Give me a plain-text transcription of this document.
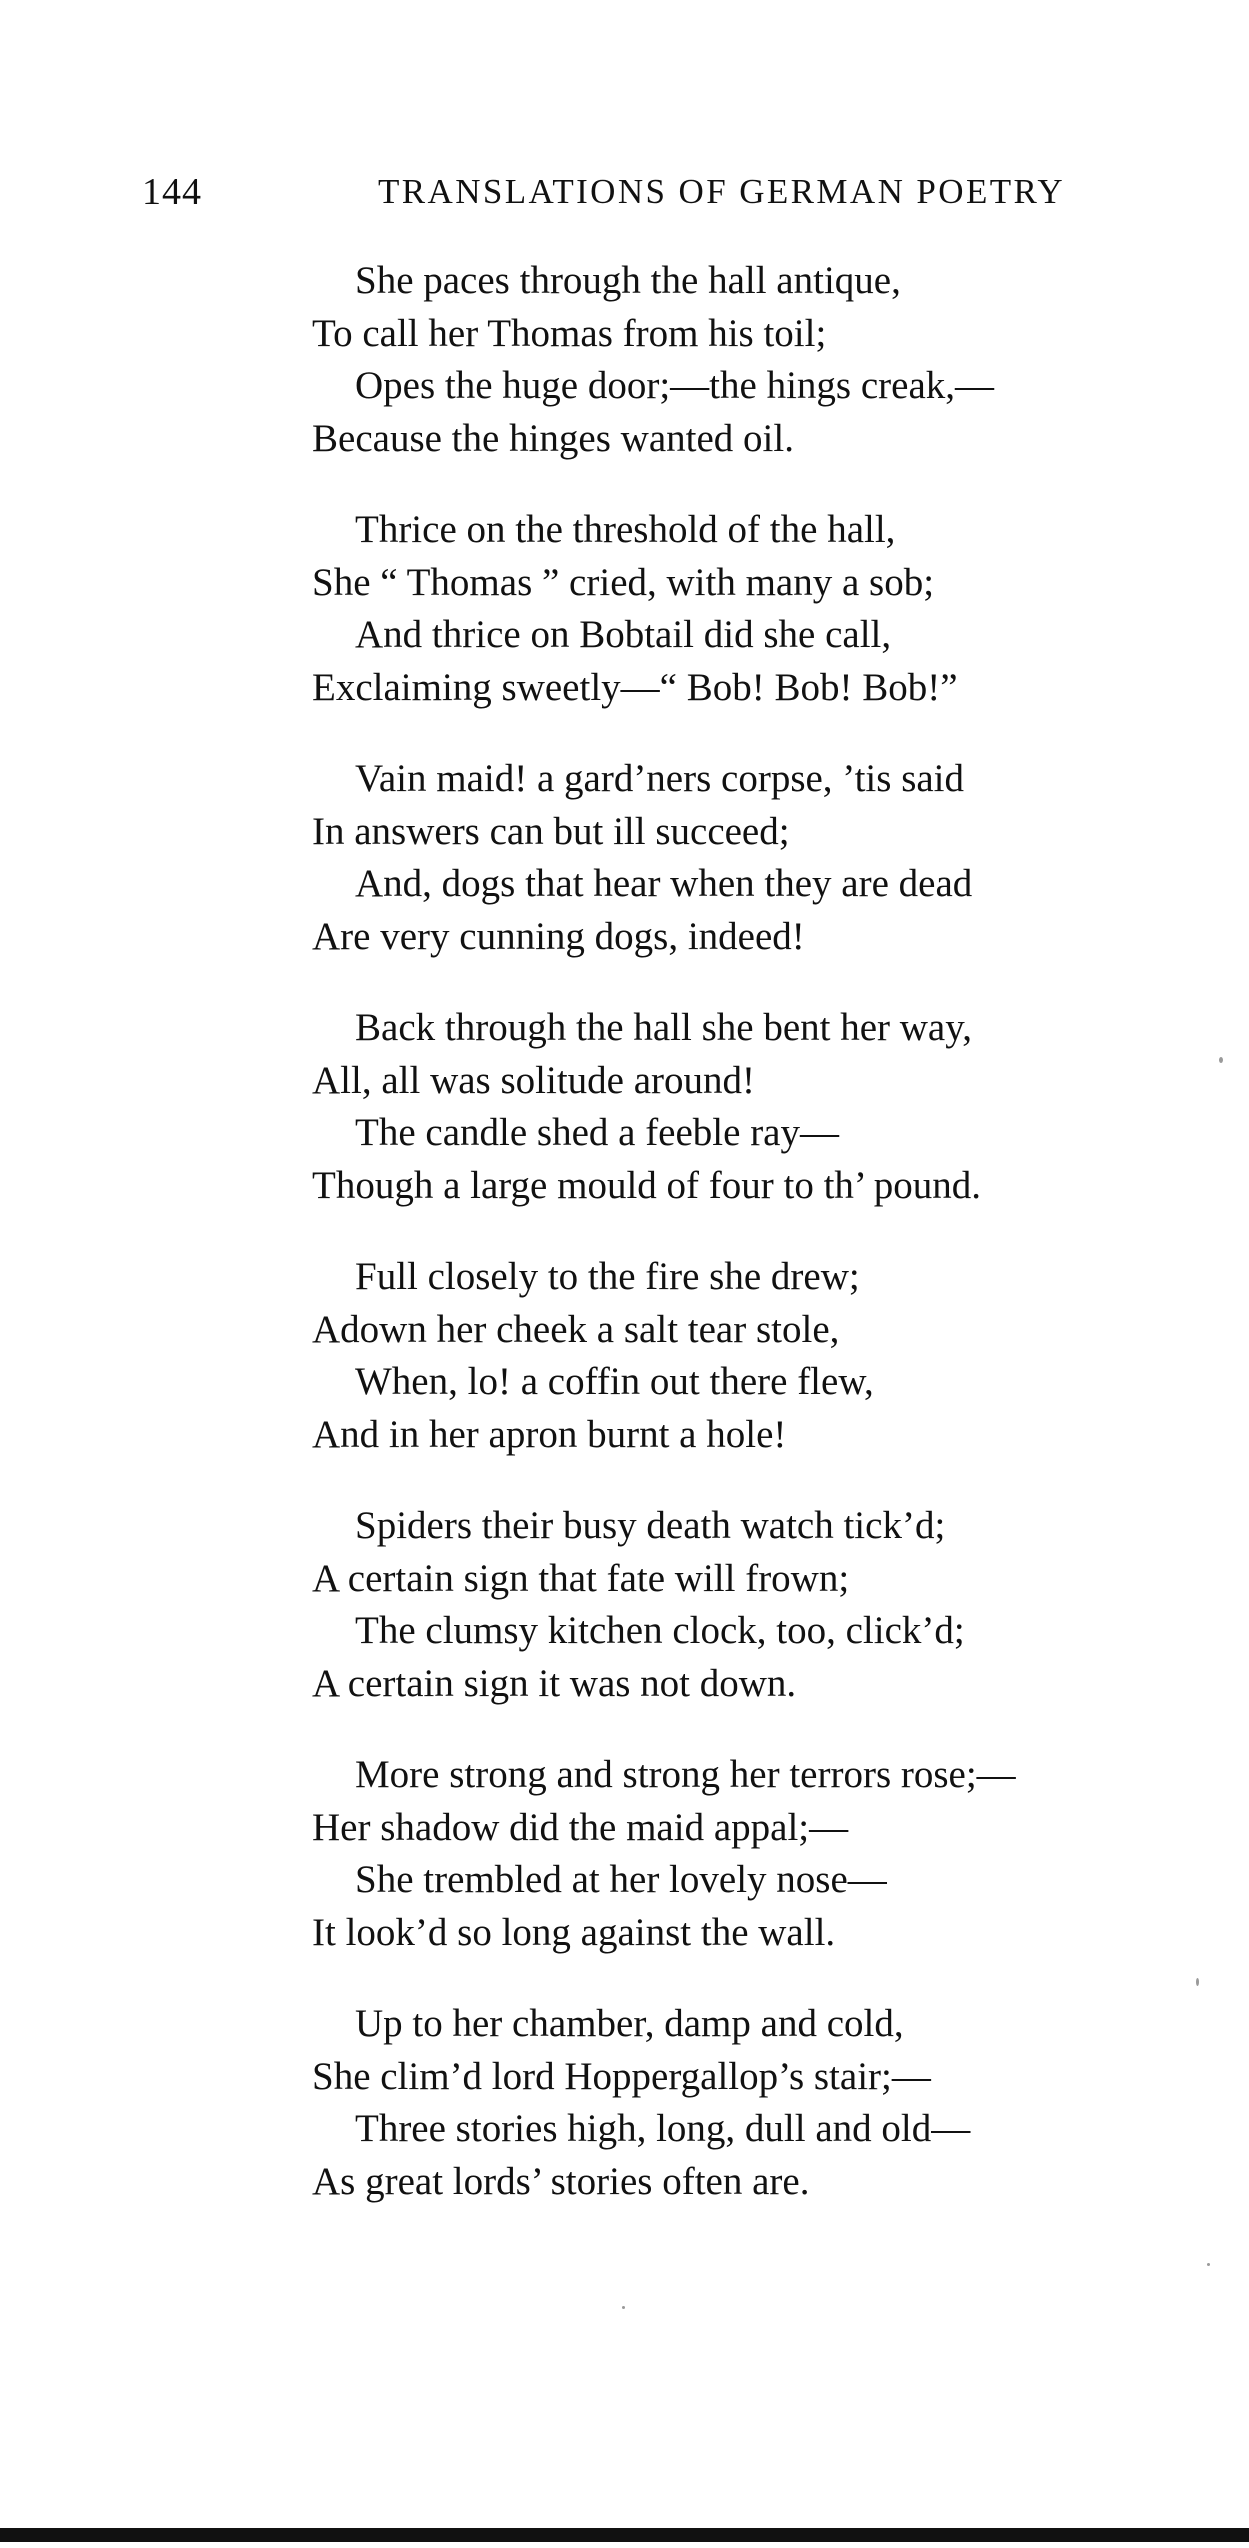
144	TRANSLATIONS OF GERMAN POETRY
She paces through the hall antique,
To call her Thomas from his toil;
Opes the huge door;—the hings creak,—
Because the hinges wanted oil.
Thrice on the threshold of the hall,
She “ Thomas ” cried, with many a sob;
And thrice on Bobtail did she call,
Exclaiming sweetly—“ Bob! Bob! Bob!”
Vain maid! a gard’ners corpse, ’tis said
In answers can but ill succeed;
And, dogs that hear when they are dead
Are very cunning dogs, indeed!
Back through the hall she bent her way,
All, all was solitude around!
The candle shed a feeble ray—
Though a large mould of four to th’ pound.
Full closely to the fire she drew;
Adown her cheek a salt tear stole,
When, lo! a coffin out there flew,
And in her apron burnt a hole!
Spiders their busy death watch tick’d;
A certain sign that fate will frown;
The clumsy kitchen clock, too, click’d;
A certain sign it was not down.
More strong and strong her terrors rose;—
Her shadow did the maid appal;—
She trembled at her lovely nose—
It look’d so long against the wall.
Up to her chamber, damp and cold,
She clim’d lord Hoppergallop’s stair;—
Three stories high, long, dull and old—
As great lords’ stories often are.
